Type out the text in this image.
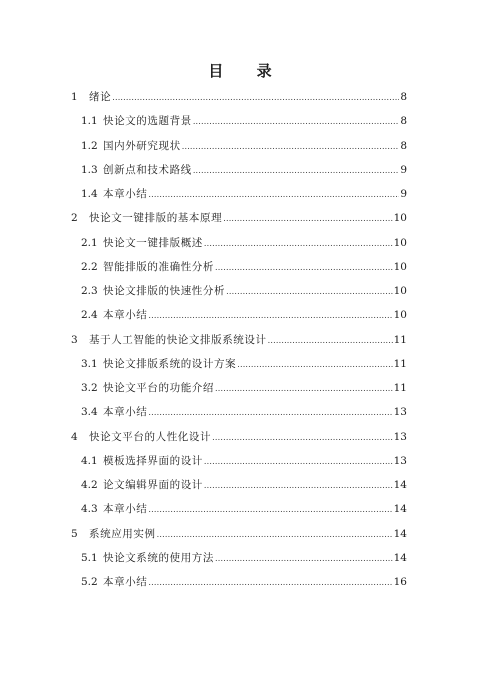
目 录
1	绪论 .....	8
1.1 快论文的选题背景 .....	8
1.2 国内外研究现状 .....	8
1.3 创新点和技术路线 .....	9
1.4 本章小结 .....	9
2	快论文一键排版的基本原理 .....	10
2.1 快论文一键排版概述 .....	10
2.2 智能排版的准确性分析 .....	10
2.3 快论文排版的快速性分析 .....	10
2.4 本章小结 .....	10
3	基于人工智能的快论文排版系统设计 .....	11
3.1 快论文排版系统的设计方案 .....	11
3.2 快论文平台的功能介绍 .....	11
3.4 本章小结 .....	13
4	快论文平台的人性化设计 .....	13
4.1 模板选择界面的设计 .....	13
4.2 论文编辑界面的设计 .....	14
4.3 本章小结 .....	14
5	系统应用实例 .....	14
5.1 快论文系统的使用方法 .....	14
5.2 本章小结 .....	16
